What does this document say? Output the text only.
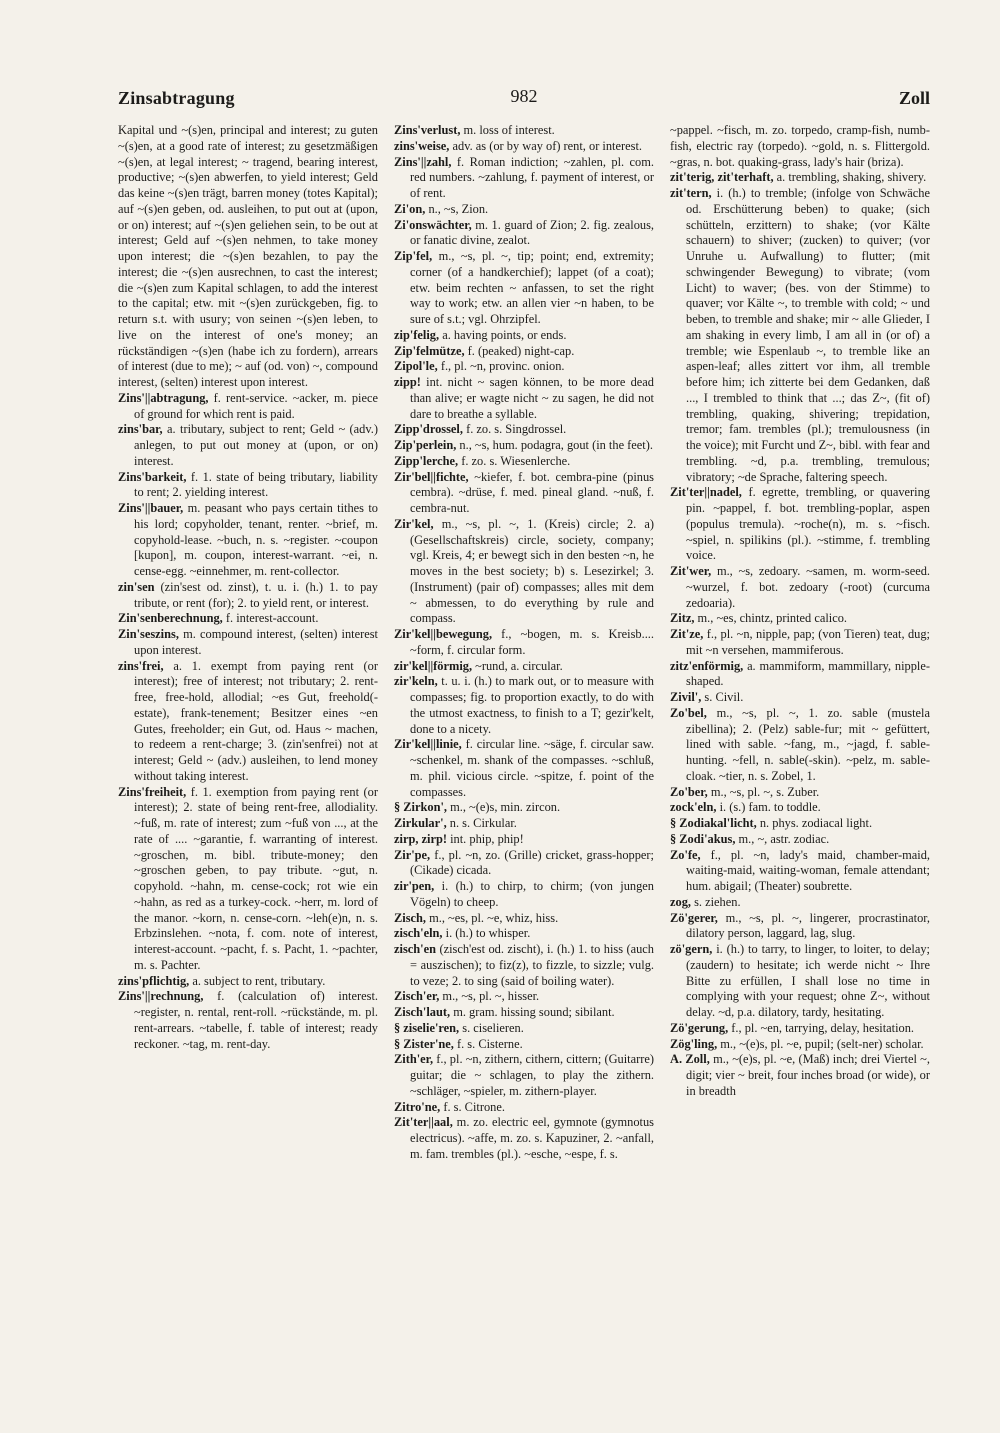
Zinsabtragung	982	Zoll

Kapital und ~(s)en, principal and interest; zu guten ~(s)en, at a good rate of interest; zu gesetzmäßigen ~(s)en, at legal interest; ~ tragend, bearing interest, productive; ~(s)en abwerfen, to yield interest; Geld das keine ~(s)en trägt, barren money (totes Kapital); auf ~(s)en geben, od. ausleihen, to put out at (upon, or on) interest; auf ~(s)en geliehen sein, to be out at interest; Geld auf ~(s)en nehmen, to take money upon interest; die ~(s)en bezahlen, to pay the interest; die ~(s)en ausrechnen, to cast the interest; die ~(s)en zum Kapital schlagen, to add the interest to the capital; etw. mit ~(s)en zurückgeben, fig. to return s.t. with usury; von seinen ~(s)en leben, to live on the interest of one's money; an rückständigen ~(s)en (habe ich zu fordern), arrears of interest (due to me); ~ auf (od. von) ~, compound interest, (selten) interest upon interest.

Zins'||abtragung, f. rent-service. ~acker, m. piece of ground for which rent is paid.

zins'bar, a. tributary, subject to rent; Geld ~ (adv.) anlegen, to put out money at (upon, or on) interest.

Zins'barkeit, f. 1. state of being tributary, liability to rent; 2. yielding interest.

Zins'||bauer, m. peasant who pays certain tithes to his lord; copyholder, tenant, renter. ~brief, m. copyhold-lease. ~buch, n. s. ~register. ~coupon [kupon], m. coupon, interest-warrant. ~ei, n. cense-egg. ~einnehmer, m. rent-collector.

zin'sen (zin'sest od. zinst), t. u. i. (h.) 1. to pay tribute, or rent (for); 2. to yield rent, or interest.

Zin'senberechnung, f. interest-account.

Zin'seszins, m. compound interest, (selten) interest upon interest.

zins'frei, a. 1. exempt from paying rent (or interest); free of interest; not tributary; 2. rent-free, free-hold, allodial; ~es Gut, freehold(-estate), frank-tenement; Besitzer eines ~en Gutes, freeholder; ein Gut, od. Haus ~ machen, to redeem a rent-charge; 3. (zin'senfrei) not at interest; Geld ~ (adv.) ausleihen, to lend money without taking interest.

Zins'freiheit, f. 1. exemption from paying rent (or interest); 2. state of being rent-free, allodiality. ~fuß, m. rate of interest; zum ~fuß von ..., at the rate of .... ~garantie, f. warranting of interest. ~groschen, m. bibl. tribute-money; den ~groschen geben, to pay tribute. ~gut, n. copyhold. ~hahn, m. cense-cock; rot wie ein ~hahn, as red as a turkey-cock. ~herr, m. lord of the manor. ~korn, n. cense-corn. ~leh(e)n, n. s. Erbzinslehen. ~nota, f. com. note of interest, interest-account. ~pacht, f. s. Pacht, 1. ~pachter, m. s. Pachter.

zins'pflichtig, a. subject to rent, tributary.

Zins'||rechnung, f. (calculation of) interest. ~register, n. rental, rent-roll. ~rückstände, m. pl. rent-arrears. ~tabelle, f. table of interest; ready reckoner. ~tag, m. rent-day.

Zins'verlust, m. loss of interest.

zins'weise, adv. as (or by way of) rent, or interest.

Zins'||zahl, f. Roman indiction; ~zahlen, pl. com. red numbers. ~zahlung, f. payment of interest, or of rent.

Zi'on, n., ~s, Zion.

Zi'onswächter, m. 1. guard of Zion; 2. fig. zealous, or fanatic divine, zealot.

Zip'fel, m., ~s, pl. ~, tip; point; end, extremity; corner (of a handkerchief); lappet (of a coat); etw. beim rechten ~ anfassen, to set the right way to work; etw. an allen vier ~n haben, to be sure of s.t.; vgl. Ohrzipfel.

zip'felig, a. having points, or ends.

Zip'felmütze, f. (peaked) night-cap.

Zipol'le, f., pl. ~n, provinc. onion.

zipp! int. nicht ~ sagen können, to be more dead than alive; er wagte nicht ~ zu sagen, he did not dare to breathe a syllable.

Zipp'drossel, f. zo. s. Singdrossel.

Zip'perlein, n., ~s, hum. podagra, gout (in the feet).

Zipp'lerche, f. zo. s. Wiesenlerche.

Zir'bel||fichte, ~kiefer, f. bot. cembra-pine (pinus cembra). ~drüse, f. med. pineal gland. ~nuß, f. cembra-nut.

Zir'kel, m., ~s, pl. ~, 1. (Kreis) circle; 2. a) (Gesellschaftskreis) circle, society, company; vgl. Kreis, 4; er bewegt sich in den besten ~n, he moves in the best society; b) s. Lesezirkel; 3. (Instrument) (pair of) compasses; alles mit dem ~ abmessen, to do everything by rule and compass.

Zir'kel||bewegung, f., ~bogen, m. s. Kreisb.... ~form, f. circular form.

zir'kel||förmig, ~rund, a. circular.

zir'keln, t. u. i. (h.) to mark out, or to measure with compasses; fig. to proportion exactly, to do with the utmost exactness, to finish to a T; gezir'kelt, done to a nicety.

Zir'kel||linie, f. circular line. ~säge, f. circular saw. ~schenkel, m. shank of the compasses. ~schluß, m. phil. vicious circle. ~spitze, f. point of the compasses.

§ Zirkon', m., ~(e)s, min. zircon.

Zirkular', n. s. Cirkular.

zirp, zirp! int. phip, phip!

Zir'pe, f., pl. ~n, zo. (Grille) cricket, grass-hopper; (Cikade) cicada.

zir'pen, i. (h.) to chirp, to chirm; (von jungen Vögeln) to cheep.

Zisch, m., ~es, pl. ~e, whiz, hiss.

zisch'eln, i. (h.) to whisper.

zisch'en (zisch'est od. zischt), i. (h.) 1. to hiss (auch = auszischen); to fiz(z), to fizzle, to sizzle; vulg. to veze; 2. to sing (said of boiling water).

Zisch'er, m., ~s, pl. ~, hisser.

Zisch'laut, m. gram. hissing sound; sibilant.

§ ziselie'ren, s. ciselieren.

§ Zister'ne, f. s. Cisterne.

Zith'er, f., pl. ~n, zithern, cithern, cittern; (Guitarre) guitar; die ~ schlagen, to play the zithern. ~schläger, ~spieler, m. zithern-player.

Zitro'ne, f. s. Citrone.

Zit'ter||aal, m. zo. electric eel, gymnote (gymnotus electricus). ~affe, m. zo. s. Kapuziner, 2. ~anfall, m. fam. trembles (pl.). ~esche, ~espe, f. s.

~pappel. ~fisch, m. zo. torpedo, cramp-fish, numb-fish, electric ray (torpedo). ~gold, n. s. Flittergold. ~gras, n. bot. quaking-grass, lady's hair (briza).

zit'terig, zit'terhaft, a. trembling, shaking, shivery.

zit'tern, i. (h.) to tremble; (infolge von Schwäche od. Erschütterung beben) to quake; (sich schütteln, erzittern) to shake; (vor Kälte schauern) to shiver; (zucken) to quiver; (vor Unruhe u. Aufwallung) to flutter; (mit schwingender Bewegung) to vibrate; (vom Licht) to waver; (bes. von der Stimme) to quaver; vor Kälte ~, to tremble with cold; ~ und beben, to tremble and shake; mir ~ alle Glieder, I am shaking in every limb, I am all in (or of) a tremble; wie Espenlaub ~, to tremble like an aspen-leaf; alles zittert vor ihm, all tremble before him; ich zitterte bei dem Gedanken, daß ..., I trembled to think that ...; das Z~, (fit of) trembling, quaking, shivering; trepidation, tremor; fam. trembles (pl.); tremulousness (in the voice); mit Furcht und Z~, bibl. with fear and trembling. ~d, p.a. trembling, tremulous; vibratory; ~de Sprache, faltering speech.

Zit'ter||nadel, f. egrette, trembling, or quavering pin. ~pappel, f. bot. trembling-poplar, aspen (populus tremula). ~roche(n), m. s. ~fisch. ~spiel, n. spilikins (pl.). ~stimme, f. trembling voice.

Zit'wer, m., ~s, zedoary. ~samen, m. worm-seed. ~wurzel, f. bot. zedoary (-root) (curcuma zedoaria).

Zitz, m., ~es, chintz, printed calico.

Zit'ze, f., pl. ~n, nipple, pap; (von Tieren) teat, dug; mit ~n versehen, mammiferous.

zitz'enförmig, a. mammiform, mammillary, nipple-shaped.

Zivil', s. Civil.

Zo'bel, m., ~s, pl. ~, 1. zo. sable (mustela zibellina); 2. (Pelz) sable-fur; mit ~ gefüttert, lined with sable. ~fang, m., ~jagd, f. sable-hunting. ~fell, n. sable(-skin). ~pelz, m. sable-cloak. ~tier, n. s. Zobel, 1.

Zo'ber, m., ~s, pl. ~, s. Zuber.

zock'eln, i. (s.) fam. to toddle.

§ Zodiakal'licht, n. phys. zodiacal light.

§ Zodi'akus, m., ~, astr. zodiac.

Zo'fe, f., pl. ~n, lady's maid, chamber-maid, waiting-maid, waiting-woman, female attendant; hum. abigail; (Theater) soubrette.

zog, s. ziehen.

Zö'gerer, m., ~s, pl. ~, lingerer, procrastinator, dilatory person, laggard, lag, slug.

zö'gern, i. (h.) to tarry, to linger, to loiter, to delay; (zaudern) to hesitate; ich werde nicht ~ Ihre Bitte zu erfüllen, I shall lose no time in complying with your request; ohne Z~, without delay. ~d, p.a. dilatory, tardy, hesitating.

Zö'gerung, f., pl. ~en, tarrying, delay, hesitation.

Zög'ling, m., ~(e)s, pl. ~e, pupil; (selt-ner) scholar.

A. Zoll, m., ~(e)s, pl. ~e, (Maß) inch; drei Viertel ~, digit; vier ~ breit, four inches broad (or wide), or in breadth
